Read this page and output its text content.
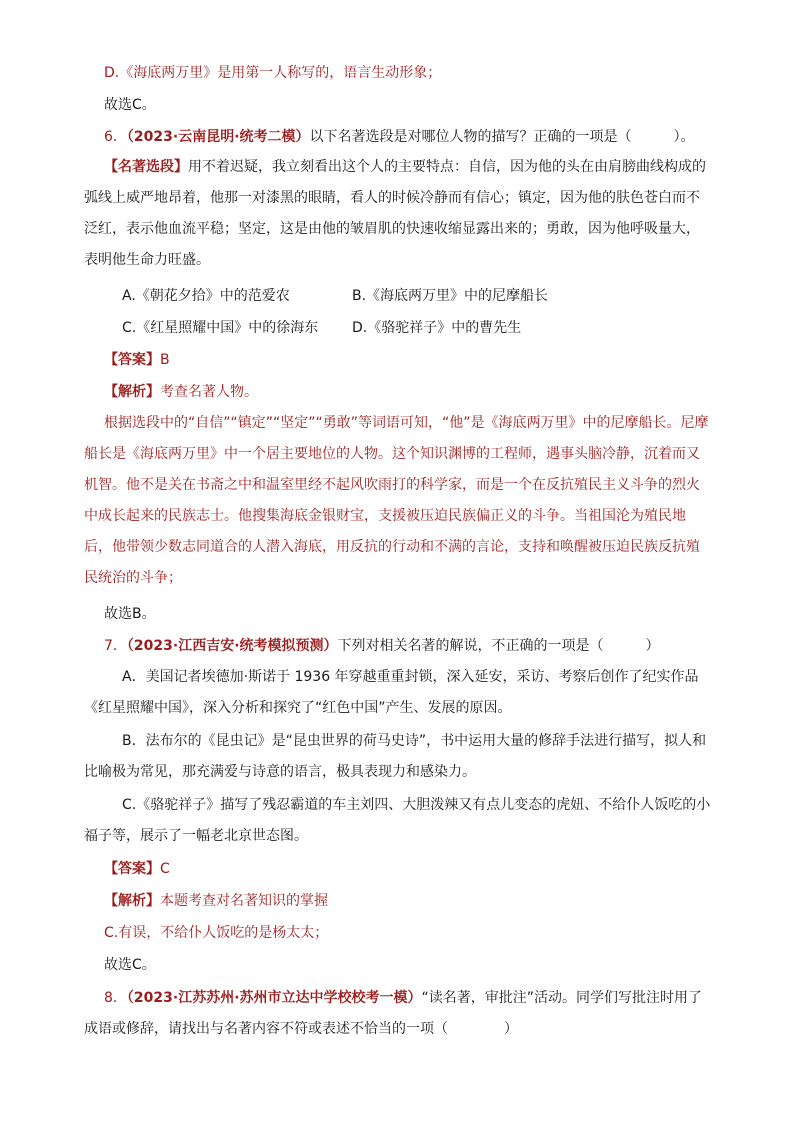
D.《海底两万里》是用第一人称写的，语言生动形象；
故选C。
6．（2023·云南昆明·统考二模）以下名著选段是对哪位人物的描写？正确的一项是（　　　）。
【名著选段】用不着迟疑，我立刻看出这个人的主要特点：自信，因为他的头在由肩膀曲线构成的弧线上威严地昂着，他那一对漆黑的眼睛，看人的时候冷静而有信心；镇定，因为他的肤色苍白而不泛红，表示他血流平稳；坚定，这是由他的皱眉肌的快速收缩显露出来的；勇敢，因为他呼吸量大，表明他生命力旺盛。
A.《朝花夕拾》中的范爱农	B.《海底两万里》中的尼摩船长
C.《红星照耀中国》中的徐海东 D.《骆驼祥子》中的曹先生
【答案】B
【解析】考查名著人物。
根据选段中的“自信”“镇定”“坚定”“勇敢”等词语可知，“他”是《海底两万里》中的尼摩船长。尼摩船长是《海底两万里》中一个居主要地位的人物。这个知识渊博的工程师，遇事头脑冷静，沉着而又机智。他不是关在书斋之中和温室里经不起风吹雨打的科学家，而是一个在反抗殖民主义斗争的烈火中成长起来的民族志士。他搜集海底金银财宝，支援被压迫民族偏正义的斗争。当祖国沦为殖民地后，他带领少数志同道合的人潜入海底，用反抗的行动和不满的言论，支持和唤醒被压迫民族反抗殖民统治的斗争；
故选B。
7．（2023·江西吉安·统考模拟预测）下列对相关名著的解说，不正确的一项是（　　　）
A．美国记者埃德加·斯诺于 1936 年穿越重重封锁，深入延安，采访、考察后创作了纪实作品《红星照耀中国》，深入分析和探究了“红色中国”产生、发展的原因。
B．法布尔的《昆虫记》是“昆虫世界的荷马史诗”，书中运用大量的修辞手法进行描写，拟人和比喻极为常见，那充满爱与诗意的语言，极具表现力和感染力。
C.《骆驼祥子》描写了残忍霸道的车主刘四、大胆泼辣又有点儿变态的虎妞、不给仆人饭吃的小福子等，展示了一幅老北京世态图。
【答案】C
【解析】本题考查对名著知识的掌握
C.有误，不给仆人饭吃的是杨太太；
故选C。
8．（2023·江苏苏州·苏州市立达中学校校考一模）“读名著，审批注”活动。同学们写批注时用了成语或修辞，请找出与名著内容不符或表述不恰当的一项（　　　　）
